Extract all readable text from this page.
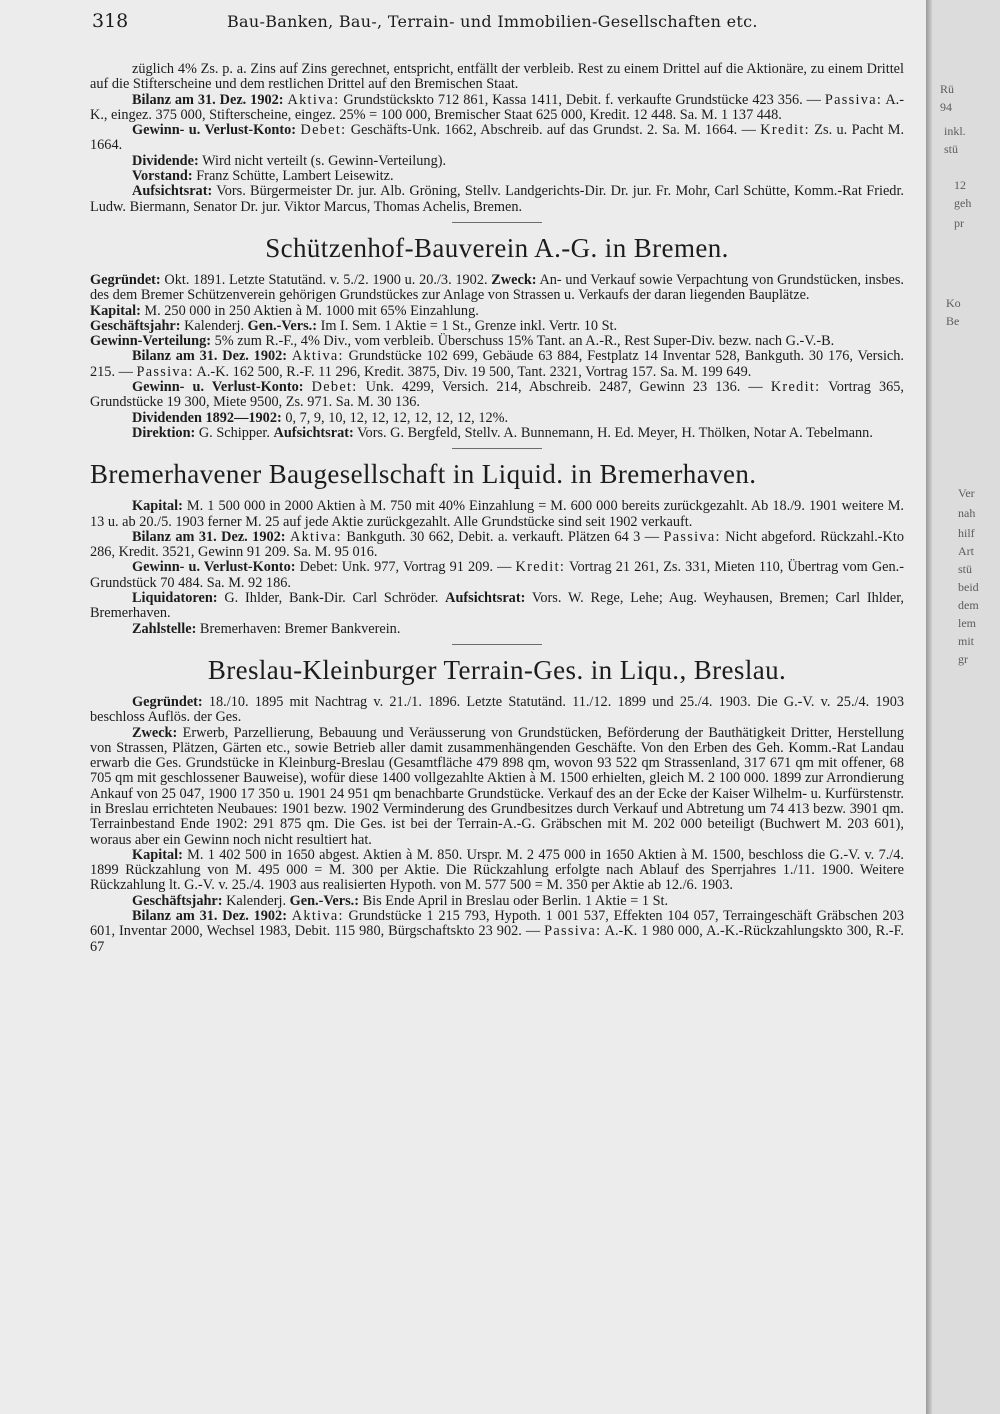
318	Bau-Banken, Bau-, Terrain- und Immobilien-Gesellschaften etc.

züglich 4% Zs. p. a. Zins auf Zins gerechnet, entspricht, entfällt der verbleib. Rest zu einem Drittel auf die Aktionäre, zu einem Drittel auf die Stifterscheine und dem restlichen Drittel auf den Bremischen Staat.

Bilanz am 31. Dez. 1902: Aktiva: Grundstückskto 712 861, Kassa 1411, Debit. f. verkaufte Grundstücke 423 356. — Passiva: A.-K., eingez. 375 000, Stifterscheine, eingez. 25% = 100 000, Bremischer Staat 625 000, Kredit. 12 448. Sa. M. 1 137 448.

Gewinn- u. Verlust-Konto: Debet: Geschäfts-Unk. 1662, Abschreib. auf das Grundst. 2. Sa. M. 1664. — Kredit: Zs. u. Pacht M. 1664.

Dividende: Wird nicht verteilt (s. Gewinn-Verteilung).

Vorstand: Franz Schütte, Lambert Leisewitz.

Aufsichtsrat: Vors. Bürgermeister Dr. jur. Alb. Gröning, Stellv. Landgerichts-Dir. Dr. jur. Fr. Mohr, Carl Schütte, Komm.-Rat Friedr. Ludw. Biermann, Senator Dr. jur. Viktor Marcus, Thomas Achelis, Bremen.

Schützenhof-Bauverein A.-G. in Bremen.

Gegründet: Okt. 1891. Letzte Statutänd. v. 5./2. 1900 u. 20./3. 1902. Zweck: An- und Verkauf sowie Verpachtung von Grundstücken, insbes. des dem Bremer Schützenverein gehörigen Grundstückes zur Anlage von Strassen u. Verkaufs der daran liegenden Bauplätze.

Kapital: M. 250 000 in 250 Aktien à M. 1000 mit 65% Einzahlung.

Geschäftsjahr: Kalenderj. Gen.-Vers.: Im I. Sem. 1 Aktie = 1 St., Grenze inkl. Vertr. 10 St.

Gewinn-Verteilung: 5% zum R.-F., 4% Div., vom verbleib. Überschuss 15% Tant. an A.-R., Rest Super-Div. bezw. nach G.-V.-B.

Bilanz am 31. Dez. 1902: Aktiva: Grundstücke 102 699, Gebäude 63 884, Festplatz 14 Inventar 528, Bankguth. 30 176, Versich. 215. — Passiva: A.-K. 162 500, R.-F. 11 296, Kredit. 3875, Div. 19 500, Tant. 2321, Vortrag 157. Sa. M. 199 649.

Gewinn- u. Verlust-Konto: Debet: Unk. 4299, Versich. 214, Abschreib. 2487, Gewinn 23 136. — Kredit: Vortrag 365, Grundstücke 19 300, Miete 9500, Zs. 971. Sa. M. 30 136.

Dividenden 1892—1902: 0, 7, 9, 10, 12, 12, 12, 12, 12, 12, 12%.

Direktion: G. Schipper. Aufsichtsrat: Vors. G. Bergfeld, Stellv. A. Bunnemann, H. Ed. Meyer, H. Thölken, Notar A. Tebelmann.

Bremerhavener Baugesellschaft in Liquid. in Bremerhaven.

Kapital: M. 1 500 000 in 2000 Aktien à M. 750 mit 40% Einzahlung = M. 600 000 bereits zurückgezahlt. Ab 18./9. 1901 weitere M. 13 u. ab 20./5. 1903 ferner M. 25 auf jede Aktie zurückgezahlt. Alle Grundstücke sind seit 1902 verkauft.

Bilanz am 31. Dez. 1902: Aktiva: Bankguth. 30 662, Debit. a. verkauft. Plätzen 64 3 — Passiva: Nicht abgeford. Rückzahl.-Kto 286, Kredit. 3521, Gewinn 91 209. Sa. M. 95 016.

Gewinn- u. Verlust-Konto: Debet: Unk. 977, Vortrag 91 209. — Kredit: Vortrag 21 261, Zs. 331, Mieten 110, Übertrag vom Gen.-Grundstück 70 484. Sa. M. 92 186.

Liquidatoren: G. Ihlder, Bank-Dir. Carl Schröder. Aufsichtsrat: Vors. W. Rege, Lehe; Aug. Weyhausen, Bremen; Carl Ihlder, Bremerhaven.

Zahlstelle: Bremerhaven: Bremer Bankverein.

Breslau-Kleinburger Terrain-Ges. in Liqu., Breslau.

Gegründet: 18./10. 1895 mit Nachtrag v. 21./1. 1896. Letzte Statutänd. 11./12. 1899 und 25./4. 1903. Die G.-V. v. 25./4. 1903 beschloss Auflös. der Ges.

Zweck: Erwerb, Parzellierung, Bebauung und Veräusserung von Grundstücken, Beförderung der Bauthätigkeit Dritter, Herstellung von Strassen, Plätzen, Gärten etc., sowie Betrieb aller damit zusammenhängenden Geschäfte. Von den Erben des Geh. Komm.-Rat Landau erwarb die Ges. Grundstücke in Kleinburg-Breslau (Gesamtfläche 479 898 qm, wovon 93 522 qm Strassenland, 317 671 qm mit offener, 68 705 qm mit geschlossener Bauweise), wofür diese 1400 vollgezahlte Aktien à M. 1500 erhielten, gleich M. 2 100 000. 1899 zur Arrondierung Ankauf von 25 047, 1900 17 350 u. 1901 24 951 qm benachbarte Grundstücke. Verkauf des an der Ecke der Kaiser Wilhelm- u. Kurfürstenstr. in Breslau errichteten Neubaues: 1901 bezw. 1902 Verminderung des Grundbesitzes durch Verkauf und Abtretung um 74 413 bezw. 3901 qm. Terrainbestand Ende 1902: 291 875 qm. Die Ges. ist bei der Terrain-A.-G. Gräbschen mit M. 202 000 beteiligt (Buchwert M. 203 601), woraus aber ein Gewinn noch nicht resultiert hat.

Kapital: M. 1 402 500 in 1650 abgest. Aktien à M. 850. Urspr. M. 2 475 000 in 1650 Aktien à M. 1500, beschloss die G.-V. v. 7./4. 1899 Rückzahlung von M. 495 000 = M. 300 per Aktie. Die Rückzahlung erfolgte nach Ablauf des Sperrjahres 1./11. 1900. Weitere Rückzahlung lt. G.-V. v. 25./4. 1903 aus realisierten Hypoth. von M. 577 500 = M. 350 per Aktie ab 12./6. 1903.

Geschäftsjahr: Kalenderj. Gen.-Vers.: Bis Ende April in Breslau oder Berlin. 1 Aktie = 1 St.

Bilanz am 31. Dez. 1902: Aktiva: Grundstücke 1 215 793, Hypoth. 1 001 537, Effekten 104 057, Terraingeschäft Gräbschen 203 601, Inventar 2000, Wechsel 1983, Debit. 115 980, Bürgschaftskto 23 902. — Passiva: A.-K. 1 980 000, A.-K.-Rückzahlungskto 300, R.-F. 67

Rü
94
inkl.
stü
12
geh
pr
Ko
Be
Ver
nah
hilf
Art
stü
beid
dem
lem
mit
gr
